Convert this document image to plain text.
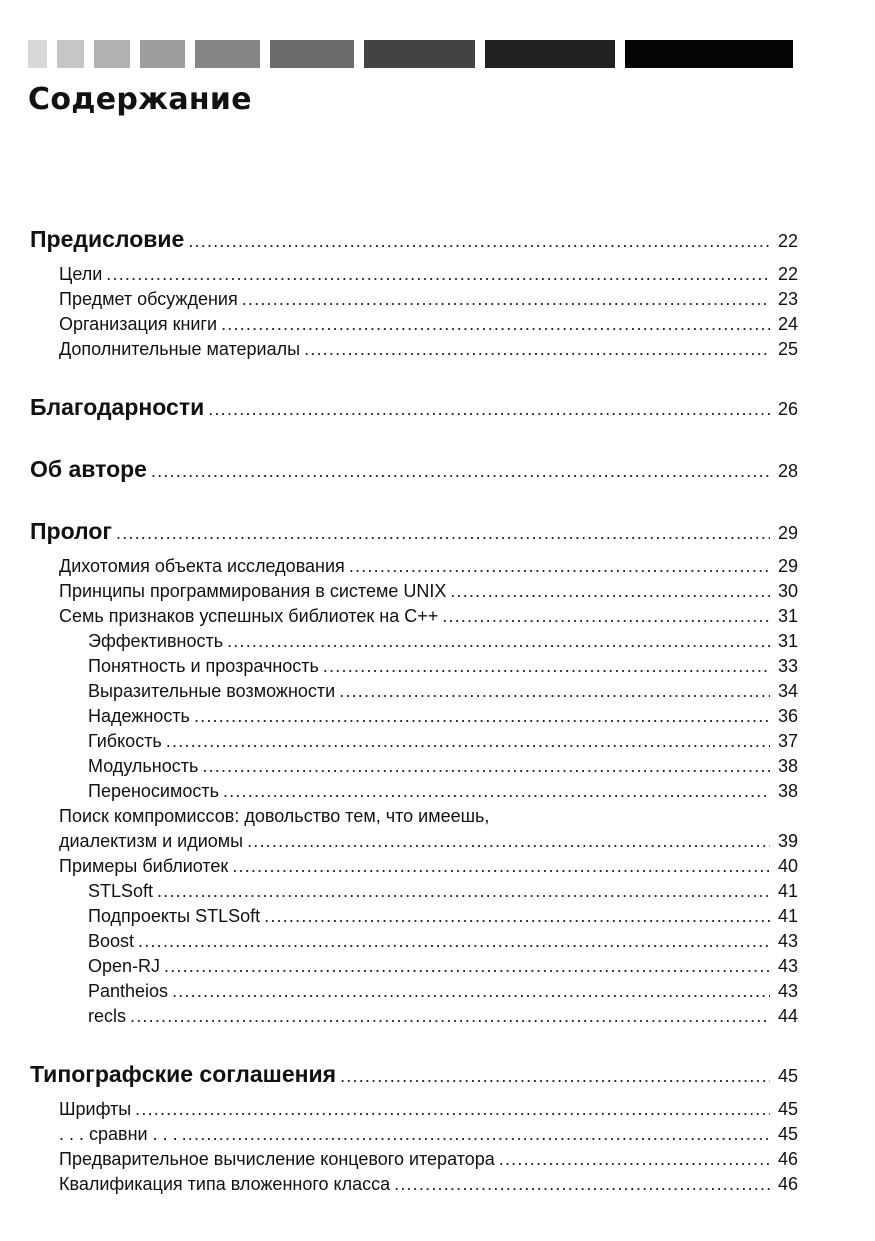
Содержание
Предисловие .....	22
Цели .....	22
Предмет обсуждения .....	23
Организация книги .....	24
Дополнительные материалы .....	25
Благодарности .....	26
Об авторе .....	28
Пролог .....	29
Дихотомия объекта исследования .....	29
Принципы программирования в системе UNIX .....	30
Семь признаков успешных библиотек на С++ .....	31
Эффективность .....	31
Понятность и прозрачность .....	33
Выразительные возможности .....	34
Надежность .....	36
Гибкость .....	37
Модульность .....	38
Переносимость .....	38
Поиск компромиссов: довольство тем, что имеешь,
диалектизм и идиомы .....	39
Примеры библиотек .....	40
STLSoft .....	41
Подпроекты STLSoft .....	41
Boost .....	43
Open-RJ .....	43
Pantheios .....	43
recls .....	44
Типографские соглашения .....	45
Шрифты .....	45
. . . сравни . . . .....	45
Предварительное вычисление концевого итератора .....	46
Квалификация типа вложенного класса .....	46
